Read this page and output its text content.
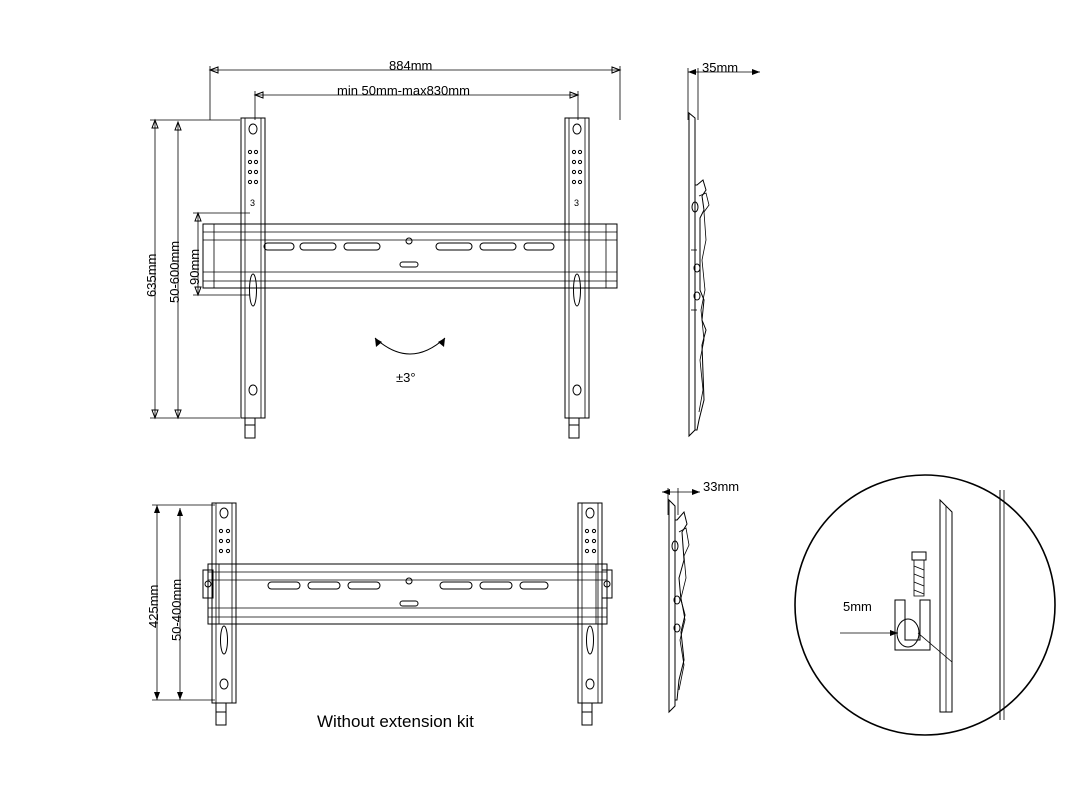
884mm
min 50mm-max830mm
635mm 50-600mm 90mm
±3°
3	3
35mm
425mm 50-400mm
33mm
5mm
Without extension kit
